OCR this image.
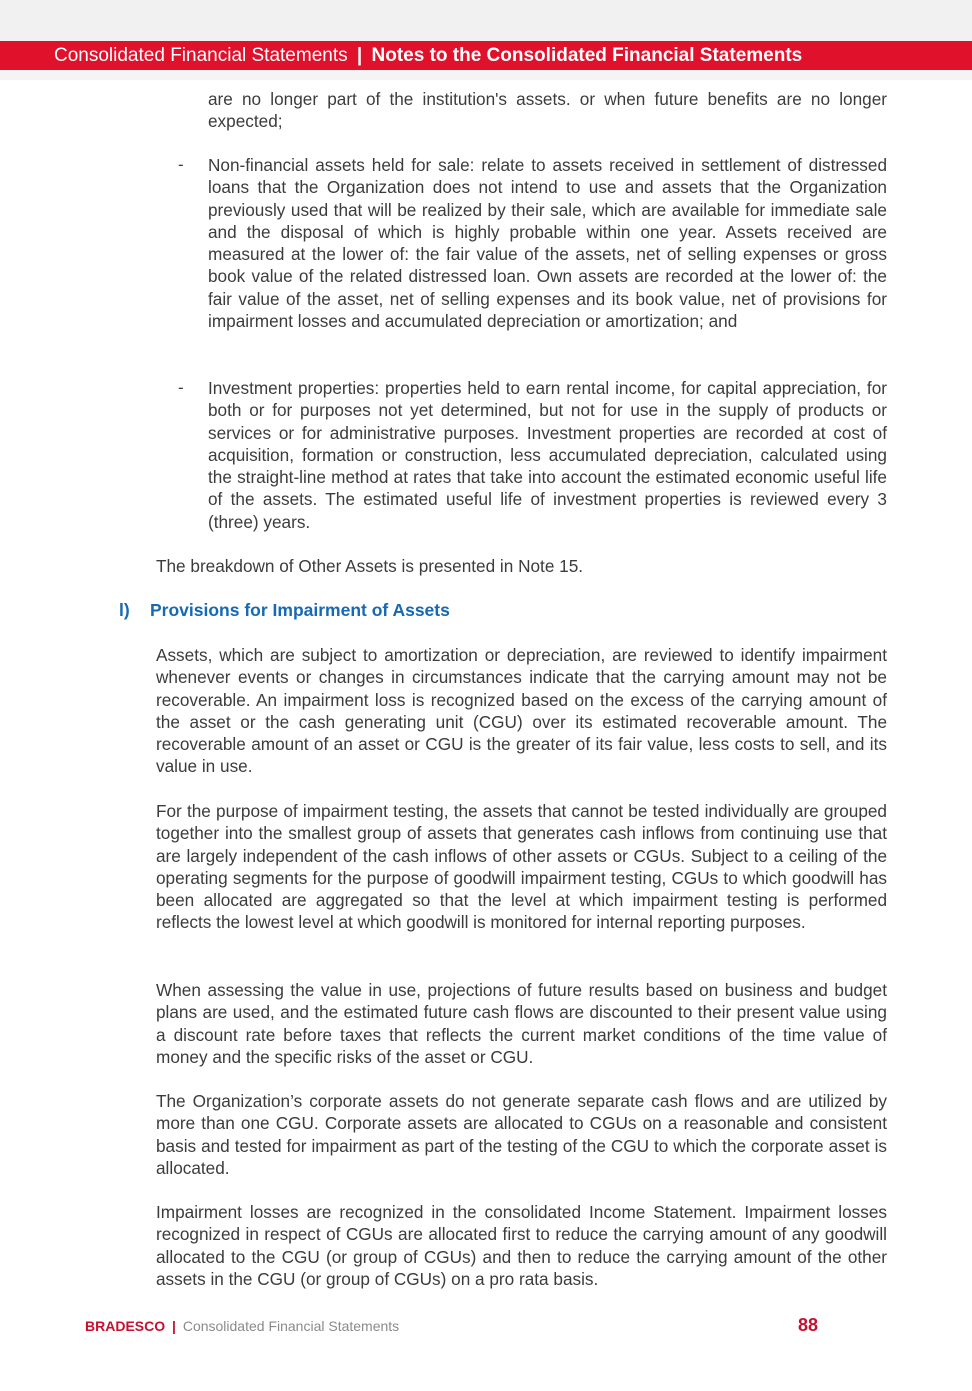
Consolidated Financial Statements | Notes to the Consolidated Financial Statements

are no longer part of the institution's assets. or when future benefits are no longer expected;

- Non-financial assets held for sale: relate to assets received in settlement of distressed loans that the Organization does not intend to use and assets that the Organization previously used that will be realized by their sale, which are available for immediate sale and the disposal of which is highly probable within one year. Assets received are measured at the lower of: the fair value of the assets, net of selling expenses or gross book value of the related distressed loan. Own assets are recorded at the lower of: the fair value of the asset, net of selling expenses and its book value, net of provisions for impairment losses and accumulated depreciation or amortization; and

- Investment properties: properties held to earn rental income, for capital appreciation, for both or for purposes not yet determined, but not for use in the supply of products or services or for administrative purposes. Investment properties are recorded at cost of acquisition, formation or construction, less accumulated depreciation, calculated using the straight-line method at rates that take into account the estimated economic useful life of the assets. The estimated useful life of investment properties is reviewed every 3 (three) years.

The breakdown of Other Assets is presented in Note 15.

l) Provisions for Impairment of Assets

Assets, which are subject to amortization or depreciation, are reviewed to identify impairment whenever events or changes in circumstances indicate that the carrying amount may not be recoverable. An impairment loss is recognized based on the excess of the carrying amount of the asset or the cash generating unit (CGU) over its estimated recoverable amount. The recoverable amount of an asset or CGU is the greater of its fair value, less costs to sell, and its value in use.

For the purpose of impairment testing, the assets that cannot be tested individually are grouped together into the smallest group of assets that generates cash inflows from continuing use that are largely independent of the cash inflows of other assets or CGUs. Subject to a ceiling of the operating segments for the purpose of goodwill impairment testing, CGUs to which goodwill has been allocated are aggregated so that the level at which impairment testing is performed reflects the lowest level at which goodwill is monitored for internal reporting purposes.

When assessing the value in use, projections of future results based on business and budget plans are used, and the estimated future cash flows are discounted to their present value using a discount rate before taxes that reflects the current market conditions of the time value of money and the specific risks of the asset or CGU.

The Organization’s corporate assets do not generate separate cash flows and are utilized by more than one CGU. Corporate assets are allocated to CGUs on a reasonable and consistent basis and tested for impairment as part of the testing of the CGU to which the corporate asset is allocated.

Impairment losses are recognized in the consolidated Income Statement. Impairment losses recognized in respect of CGUs are allocated first to reduce the carrying amount of any goodwill allocated to the CGU (or group of CGUs) and then to reduce the carrying amount of the other assets in the CGU (or group of CGUs) on a pro rata basis.

BRADESCO | Consolidated Financial Statements	88
